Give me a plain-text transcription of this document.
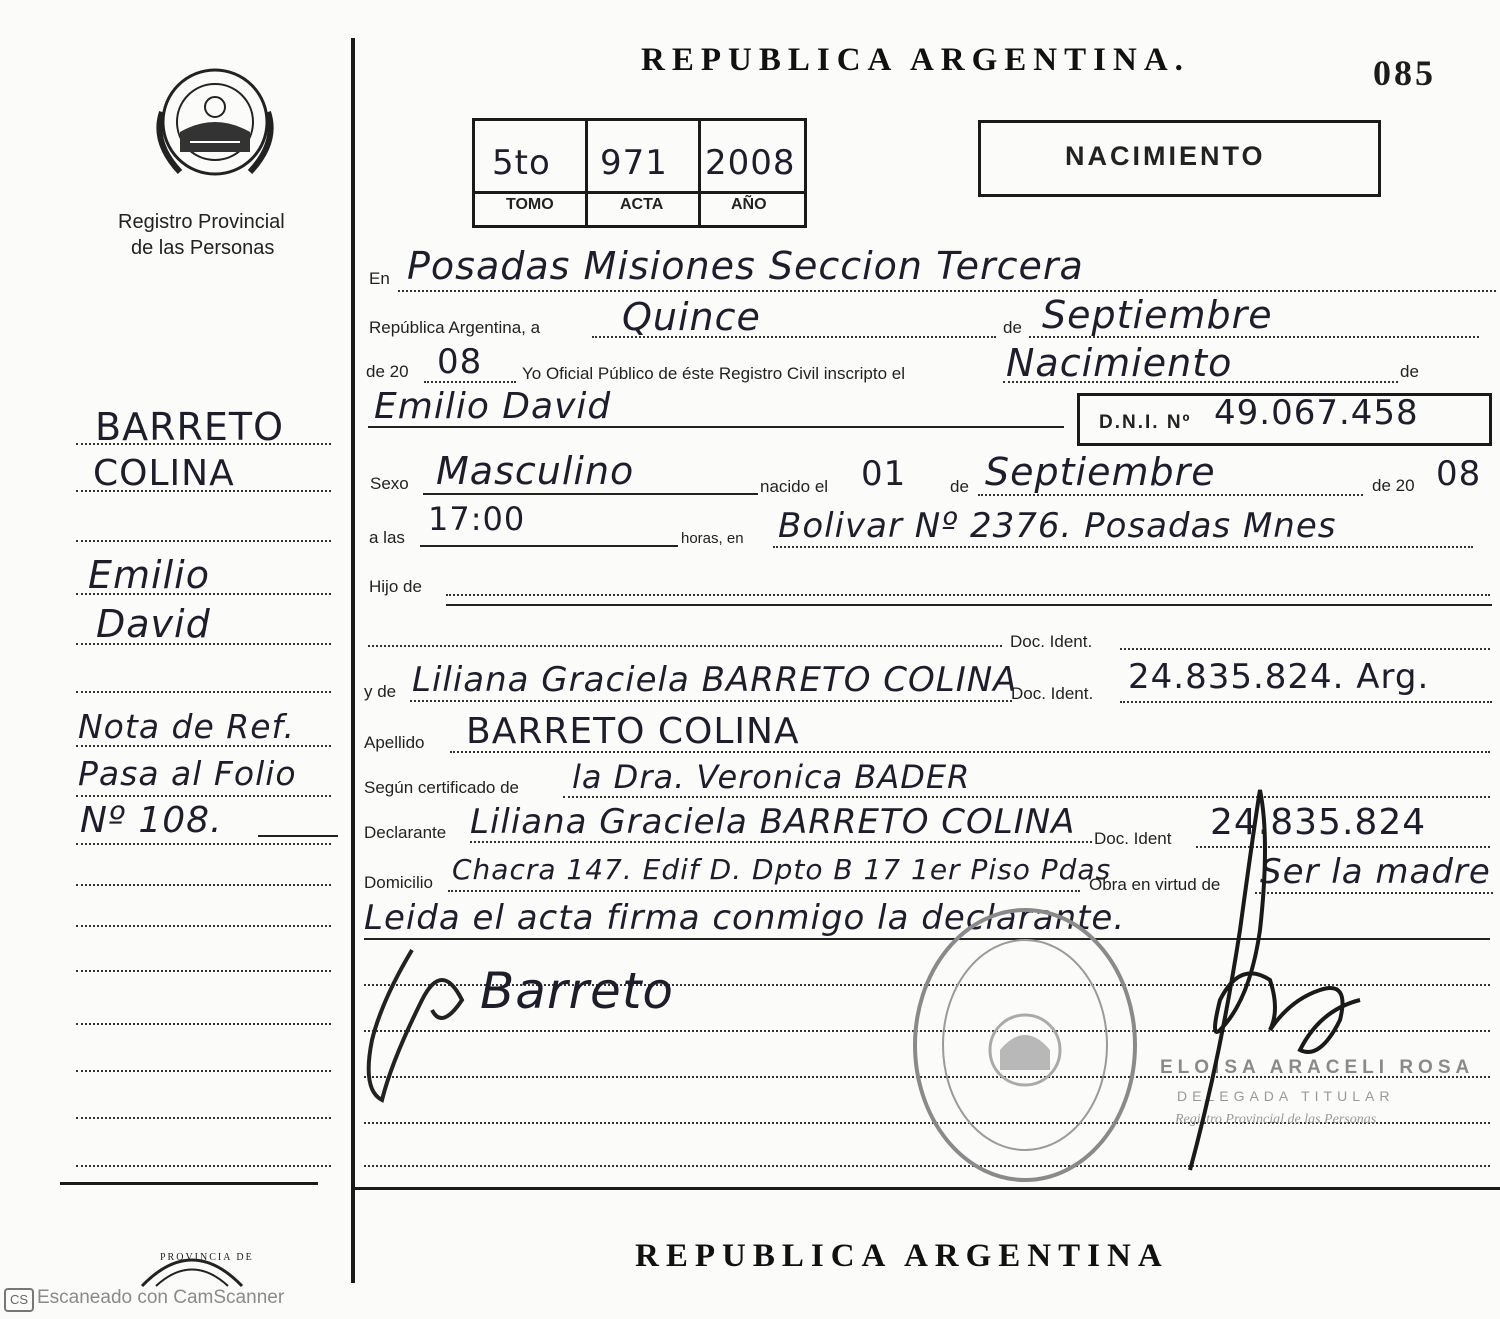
Registro Provincial
de las Personas
BARRETO
COLINA
Emilio
David
Nota de Ref.
Pasa al Folio
Nº 108.
REPUBLICA ARGENTINA.	085
5to 971 2008
TOMO	ACTA	AÑO
NACIMIENTO
En Posadas Misiones Seccion Tercera
República Argentina, a Quince	de Septiembre
de 20 08 Yo Oficial Público de éste Registro Civil inscripto el	Nacimiento	de
Emilio David	D.N.I. Nº 49.067.458
Sexo Masculino	nacido el 01	de Septiembre	de 20 08
a las 17:00
horas, en Bolivar Nº 2376. Posadas Mnes
Hijo de
Doc. Ident.
y de Liliana Graciela BARRETO COLINA
Doc. Ident. 24.835.824. Arg.
Apellido BARRETO COLINA
Según certificado de la Dra. Veronica BADER
Declarante Liliana Graciela BARRETO COLINA Doc. Ident 24.835.824
Domicilio Chacra 147. Edif D. Dpto B 17 1er Piso Pdas
Obra en virtud de Ser la madre
Leida el acta firma conmigo la declarante.
Barreto
ELOISA ARACELI ROSA
DELEGADA TITULAR
Registro Provincial de las Personas
REPUBLICA ARGENTINA
PROVINCIA DE
CS Escaneado con CamScanner
